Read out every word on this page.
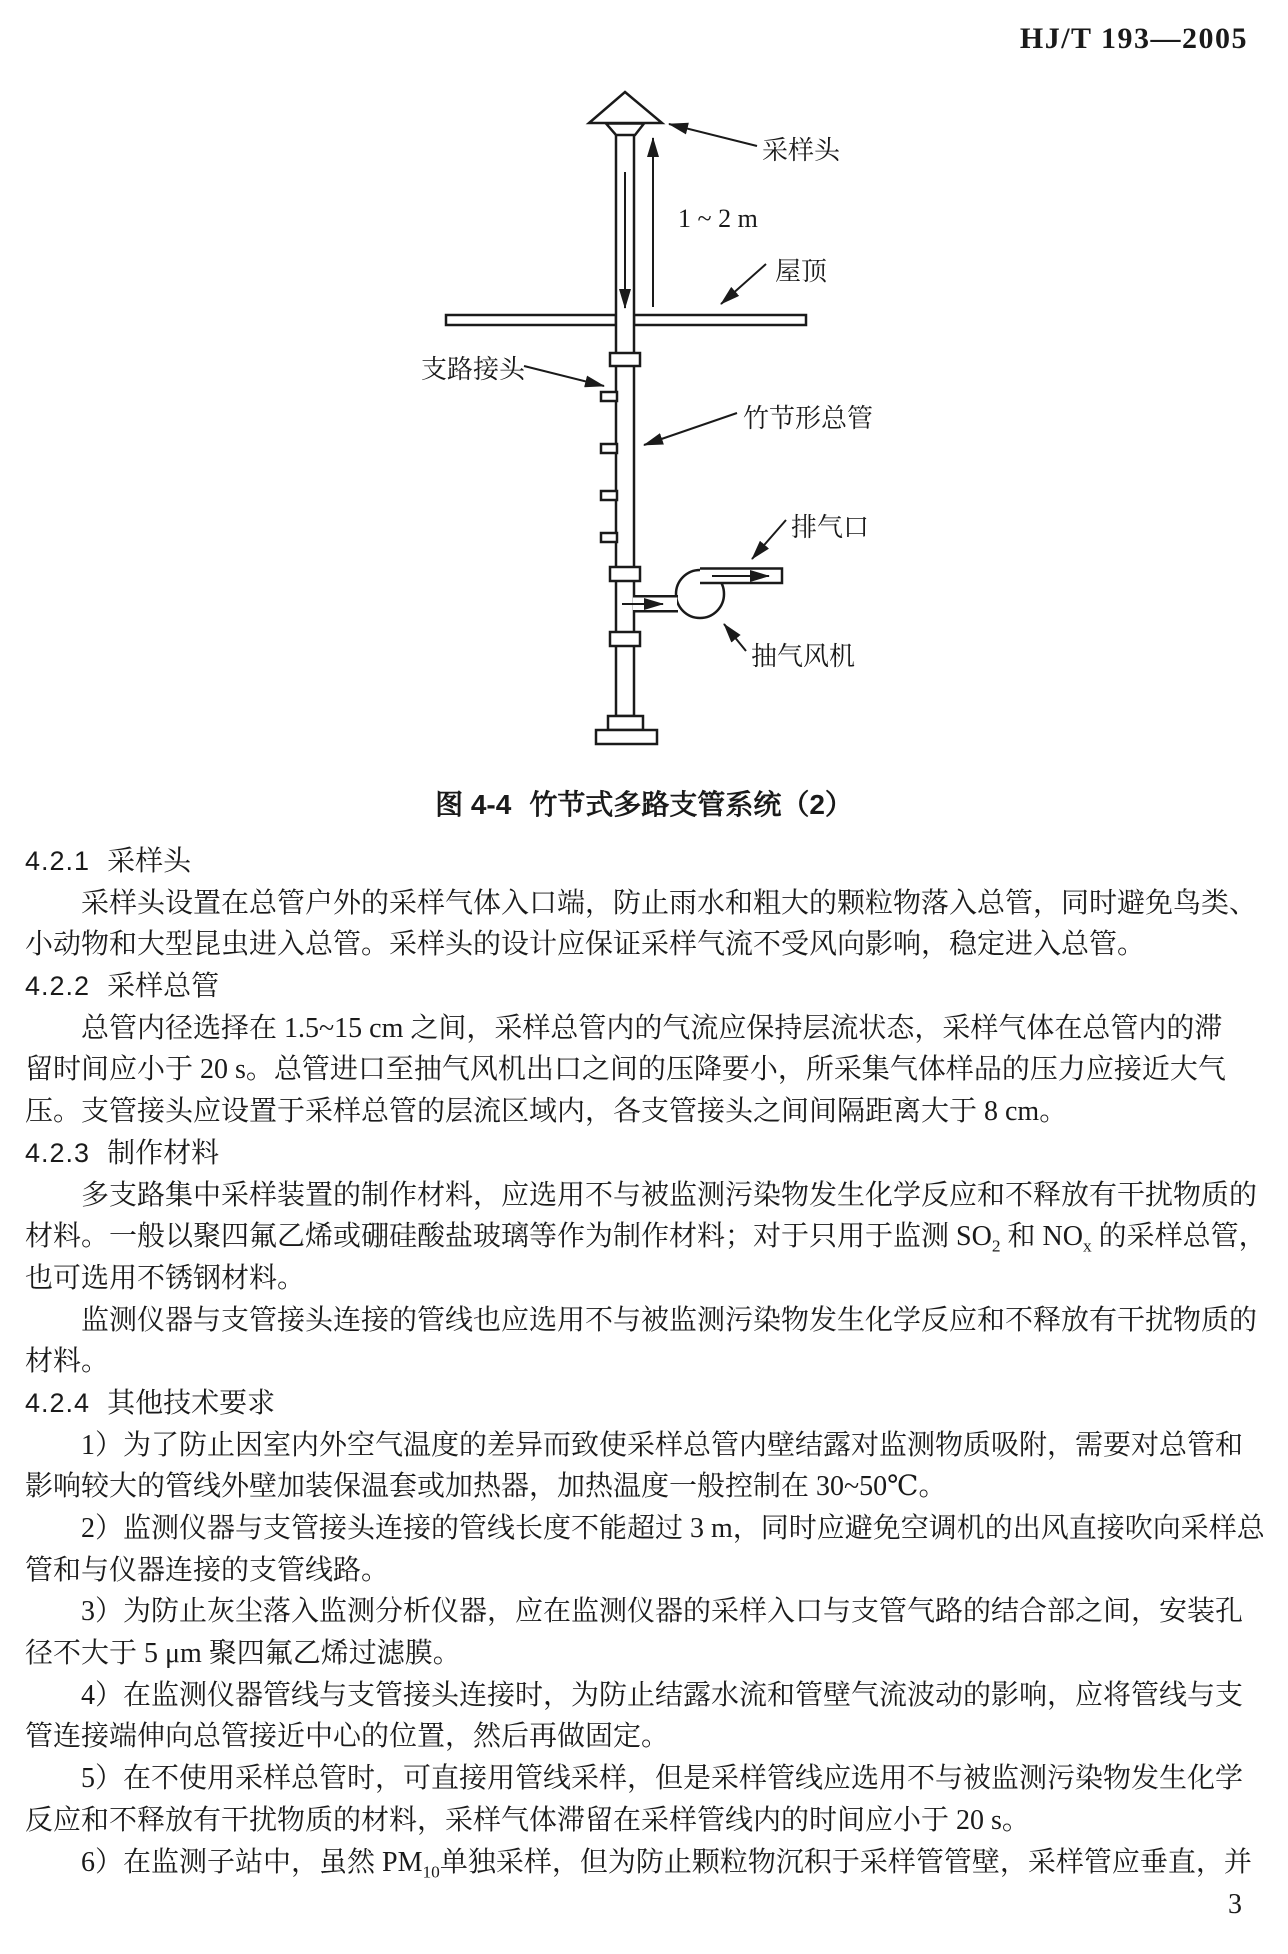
HJ/T 193—2005
采样头
1 ~ 2 m
屋顶
支路接头
竹节形总管
排气口
抽气风机
图 4-4 竹节式多路支管系统（2）
4.2.1 采样头
采样头设置在总管户外的采样气体入口端，防止雨水和粗大的颗粒物落入总管，同时避免鸟类、
小动物和大型昆虫进入总管。采样头的设计应保证采样气流不受风向影响，稳定进入总管。
4.2.2 采样总管
总管内径选择在 1.5~15 cm 之间，采样总管内的气流应保持层流状态，采样气体在总管内的滞
留时间应小于 20 s。总管进口至抽气风机出口之间的压降要小，所采集气体样品的压力应接近大气
压。支管接头应设置于采样总管的层流区域内，各支管接头之间间隔距离大于 8 cm。
4.2.3 制作材料
多支路集中采样装置的制作材料，应选用不与被监测污染物发生化学反应和不释放有干扰物质的
材料。一般以聚四氟乙烯或硼硅酸盐玻璃等作为制作材料；对于只用于监测 $SO_2$ 和 $NO_x$ 的采样总管，
也可选用不锈钢材料。
监测仪器与支管接头连接的管线也应选用不与被监测污染物发生化学反应和不释放有干扰物质的
材料。
4.2.4 其他技术要求
1）为了防止因室内外空气温度的差异而致使采样总管内壁结露对监测物质吸附，需要对总管和
影响较大的管线外壁加装保温套或加热器，加热温度一般控制在 30~50℃。
2）监测仪器与支管接头连接的管线长度不能超过 3 m，同时应避免空调机的出风直接吹向采样总
管和与仪器连接的支管线路。
3）为防止灰尘落入监测分析仪器，应在监测仪器的采样入口与支管气路的结合部之间，安装孔
径不大于 5 μm 聚四氟乙烯过滤膜。
4）在监测仪器管线与支管接头连接时，为防止结露水流和管壁气流波动的影响，应将管线与支
管连接端伸向总管接近中心的位置，然后再做固定。
5）在不使用采样总管时，可直接用管线采样，但是采样管线应选用不与被监测污染物发生化学
反应和不释放有干扰物质的材料，采样气体滞留在采样管线内的时间应小于 20 s。
6）在监测子站中，虽然 $PM_{10}$单独采样，但为防止颗粒物沉积于采样管管壁，采样管应垂直，并
3
